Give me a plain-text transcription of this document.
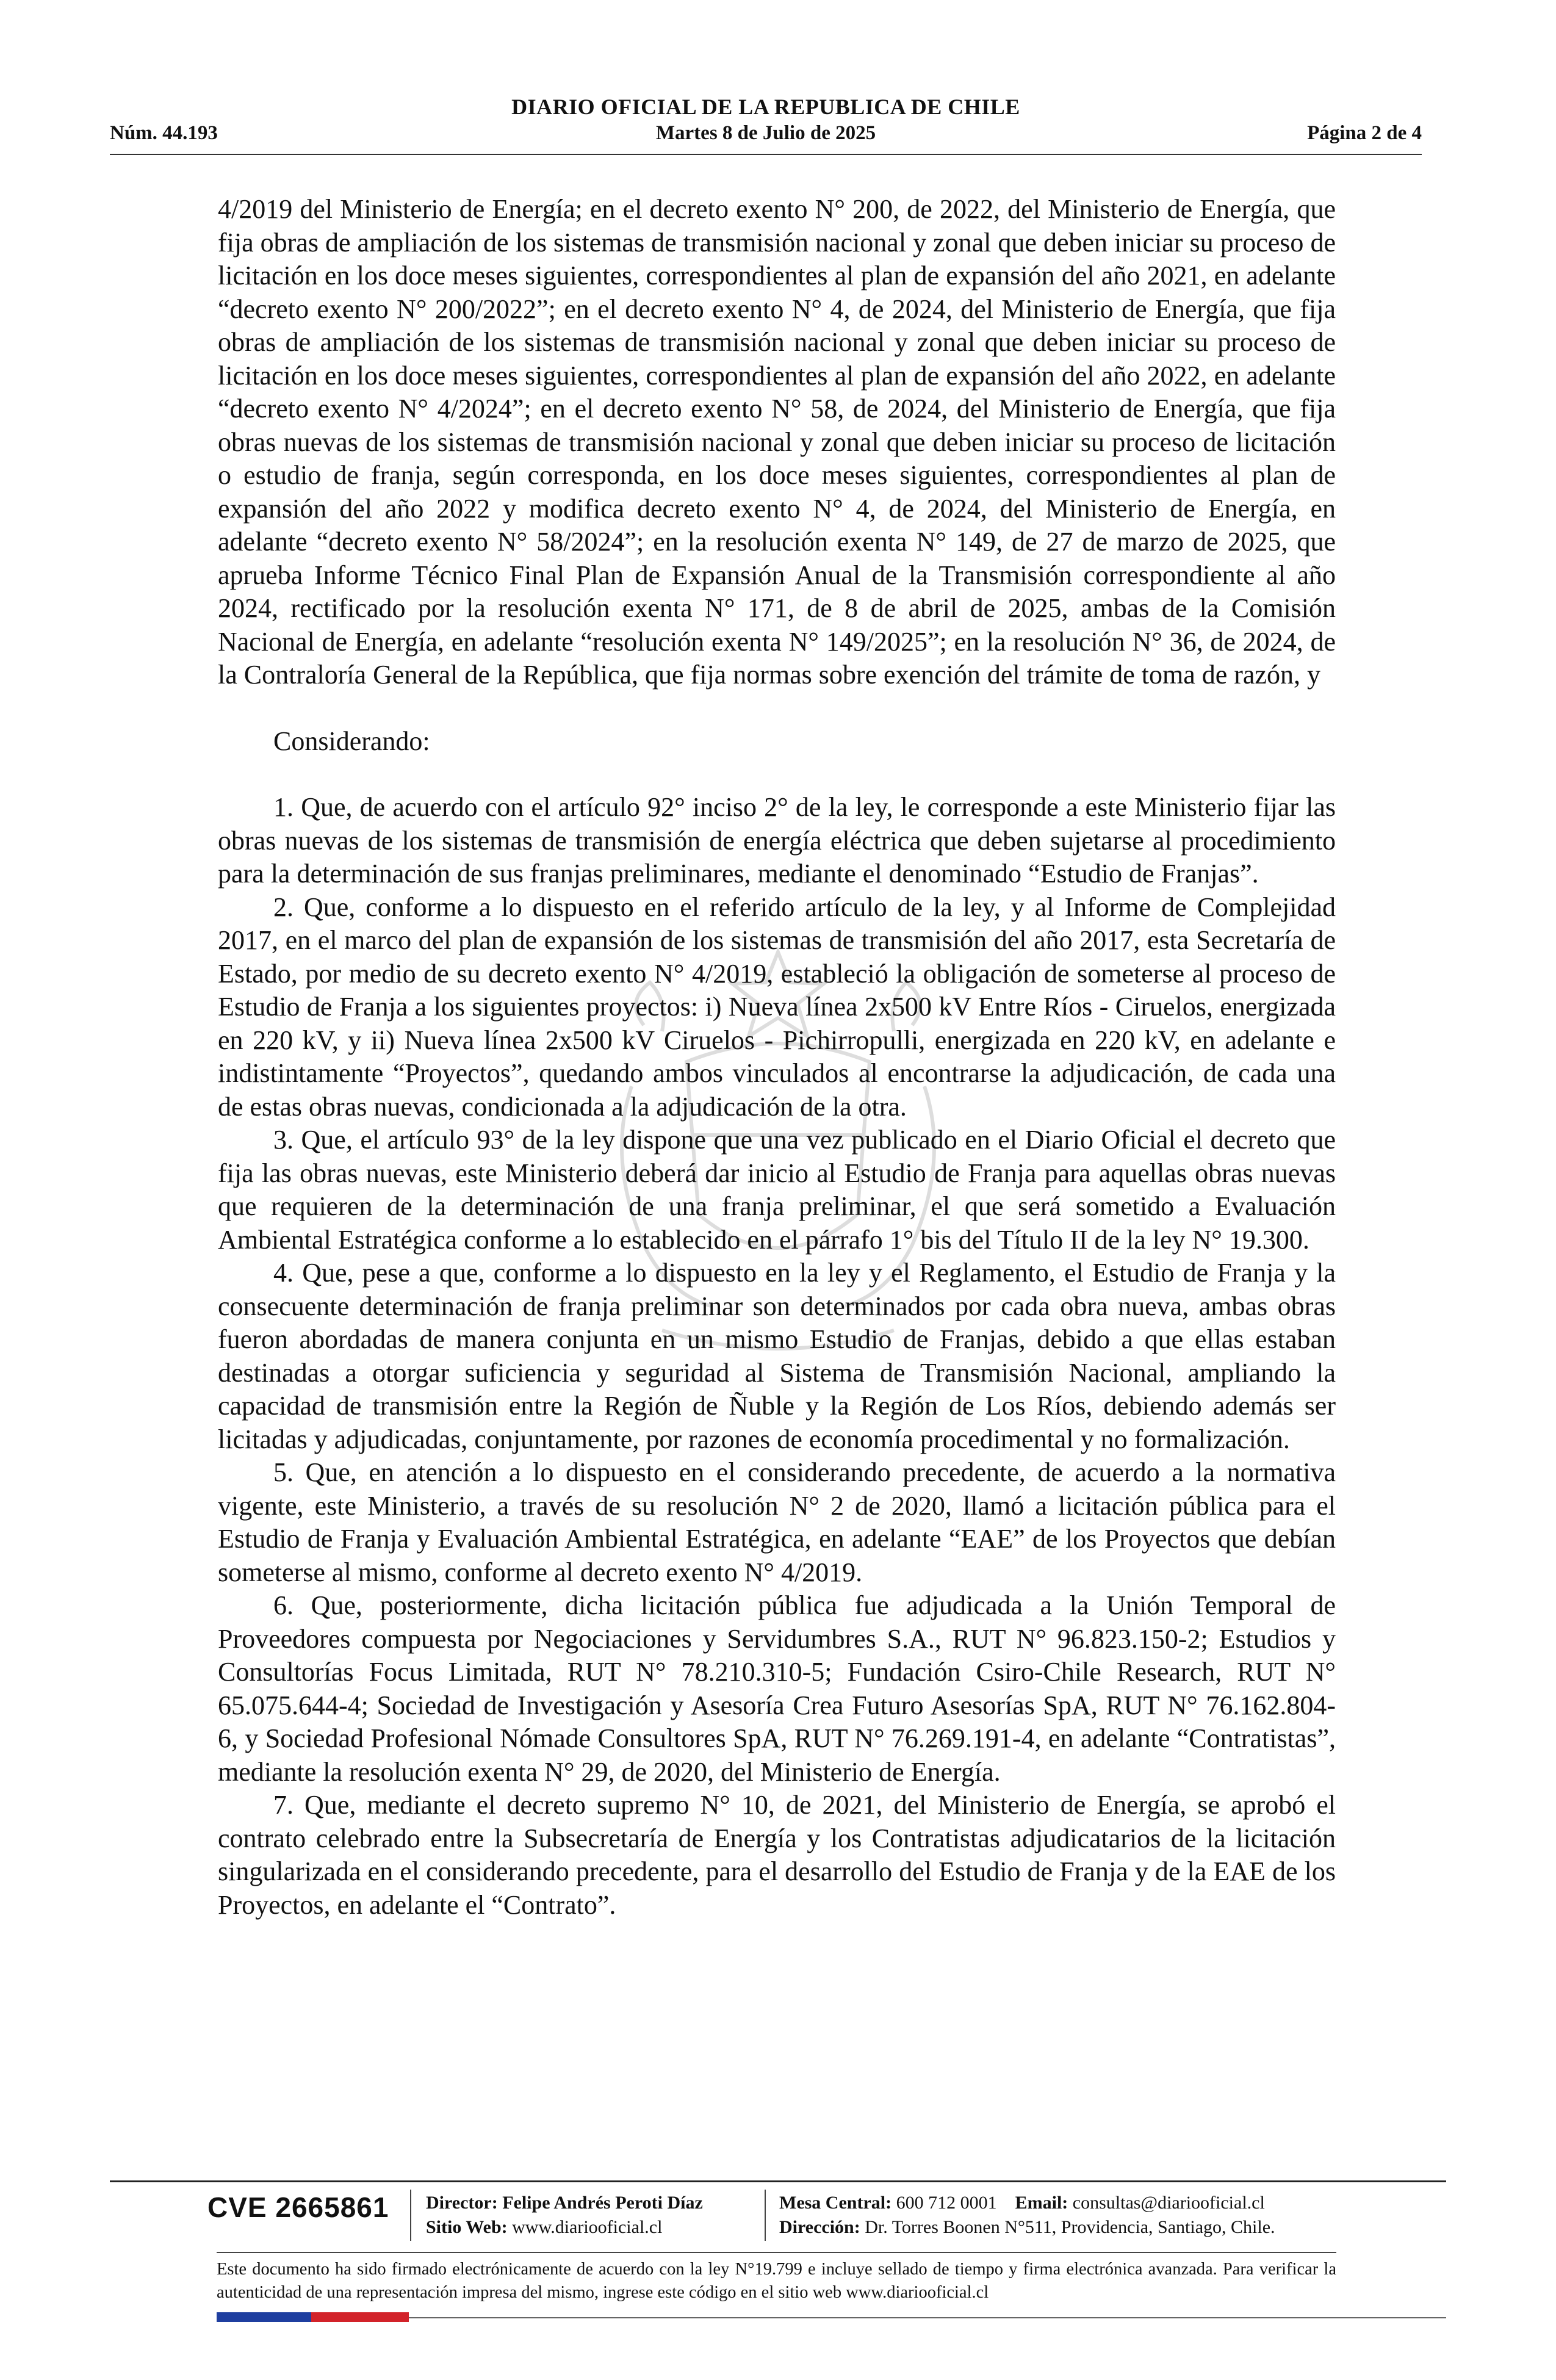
DIARIO OFICIAL DE LA REPUBLICA DE CHILE
Núm. 44.193	Martes 8 de Julio de 2025	Página 2 de 4

4/2019 del Ministerio de Energía; en el decreto exento N° 200, de 2022, del Ministerio de Energía, que fija obras de ampliación de los sistemas de transmisión nacional y zonal que deben iniciar su proceso de licitación en los doce meses siguientes, correspondientes al plan de expansión del año 2021, en adelante “decreto exento N° 200/2022”; en el decreto exento N° 4, de 2024, del Ministerio de Energía, que fija obras de ampliación de los sistemas de transmisión nacional y zonal que deben iniciar su proceso de licitación en los doce meses siguientes, correspondientes al plan de expansión del año 2022, en adelante “decreto exento N° 4/2024”; en el decreto exento N° 58, de 2024, del Ministerio de Energía, que fija obras nuevas de los sistemas de transmisión nacional y zonal que deben iniciar su proceso de licitación o estudio de franja, según corresponda, en los doce meses siguientes, correspondientes al plan de expansión del año 2022 y modifica decreto exento N° 4, de 2024, del Ministerio de Energía, en adelante “decreto exento N° 58/2024”; en la resolución exenta N° 149, de 27 de marzo de 2025, que aprueba Informe Técnico Final Plan de Expansión Anual de la Transmisión correspondiente al año 2024, rectificado por la resolución exenta N° 171, de 8 de abril de 2025, ambas de la Comisión Nacional de Energía, en adelante “resolución exenta N° 149/2025”; en la resolución N° 36, de 2024, de la Contraloría General de la República, que fija normas sobre exención del trámite de toma de razón, y

Considerando:

1. Que, de acuerdo con el artículo 92° inciso 2° de la ley, le corresponde a este Ministerio fijar las obras nuevas de los sistemas de transmisión de energía eléctrica que deben sujetarse al procedimiento para la determinación de sus franjas preliminares, mediante el denominado “Estudio de Franjas”.

2. Que, conforme a lo dispuesto en el referido artículo de la ley, y al Informe de Complejidad 2017, en el marco del plan de expansión de los sistemas de transmisión del año 2017, esta Secretaría de Estado, por medio de su decreto exento N° 4/2019, estableció la obligación de someterse al proceso de Estudio de Franja a los siguientes proyectos: i) Nueva línea 2x500 kV Entre Ríos - Ciruelos, energizada en 220 kV, y ii) Nueva línea 2x500 kV Ciruelos - Pichirropulli, energizada en 220 kV, en adelante e indistintamente “Proyectos”, quedando ambos vinculados al encontrarse la adjudicación, de cada una de estas obras nuevas, condicionada a la adjudicación de la otra.

3. Que, el artículo 93° de la ley dispone que una vez publicado en el Diario Oficial el decreto que fija las obras nuevas, este Ministerio deberá dar inicio al Estudio de Franja para aquellas obras nuevas que requieren de la determinación de una franja preliminar, el que será sometido a Evaluación Ambiental Estratégica conforme a lo establecido en el párrafo 1° bis del Título II de la ley N° 19.300.

4. Que, pese a que, conforme a lo dispuesto en la ley y el Reglamento, el Estudio de Franja y la consecuente determinación de franja preliminar son determinados por cada obra nueva, ambas obras fueron abordadas de manera conjunta en un mismo Estudio de Franjas, debido a que ellas estaban destinadas a otorgar suficiencia y seguridad al Sistema de Transmisión Nacional, ampliando la capacidad de transmisión entre la Región de Ñuble y la Región de Los Ríos, debiendo además ser licitadas y adjudicadas, conjuntamente, por razones de economía procedimental y no formalización.

5. Que, en atención a lo dispuesto en el considerando precedente, de acuerdo a la normativa vigente, este Ministerio, a través de su resolución N° 2 de 2020, llamó a licitación pública para el Estudio de Franja y Evaluación Ambiental Estratégica, en adelante “EAE” de los Proyectos que debían someterse al mismo, conforme al decreto exento N° 4/2019.

6. Que, posteriormente, dicha licitación pública fue adjudicada a la Unión Temporal de Proveedores compuesta por Negociaciones y Servidumbres S.A., RUT N° 96.823.150-2; Estudios y Consultorías Focus Limitada, RUT N° 78.210.310-5; Fundación Csiro-Chile Research, RUT N° 65.075.644-4; Sociedad de Investigación y Asesoría Crea Futuro Asesorías SpA, RUT N° 76.162.804-6, y Sociedad Profesional Nómade Consultores SpA, RUT N° 76.269.191-4, en adelante “Contratistas”, mediante la resolución exenta N° 29, de 2020, del Ministerio de Energía.

7. Que, mediante el decreto supremo N° 10, de 2021, del Ministerio de Energía, se aprobó el contrato celebrado entre la Subsecretaría de Energía y los Contratistas adjudicatarios de la licitación singularizada en el considerando precedente, para el desarrollo del Estudio de Franja y de la EAE de los Proyectos, en adelante el “Contrato”.

CVE 2665861 Director: Felipe Andrés Peroti Díaz
Sitio Web: www.diariooficial.cl
Mesa Central: 600 712 0001 Email: consultas@diariooficial.cl
Dirección: Dr. Torres Boonen N°511, Providencia, Santiago, Chile.
Este documento ha sido firmado electrónicamente de acuerdo con la ley N°19.799 e incluye sellado de tiempo y firma electrónica avanzada. Para verificar la autenticidad de una representación impresa del mismo, ingrese este código en el sitio web www.diariooficial.cl
